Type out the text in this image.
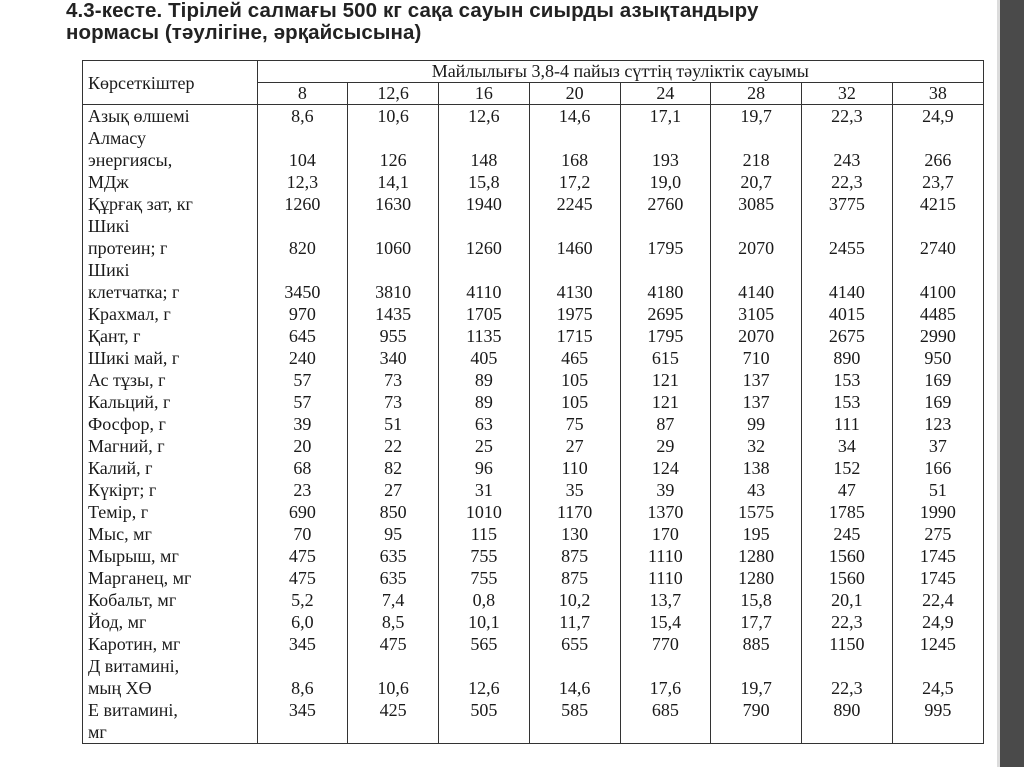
4.3-кесте. Тірілей салмағы 500 кг сақа сауын сиырды азықтандыру
нормасы (тәулігіне, әрқайсысына)
Көрсеткіштер	Майлылығы 3,8-4 пайыз сүттің тәуліктік сауымы							
	8	12,6	16	20	24	28	32	38

Азық өлшемі	8,6	10,6	12,6	14,6	17,1	19,7	22,3	24,9

Алмасу
энергиясы,	104	126	148	168	193	218	243	266

МДж	12,3	14,1	15,8	17,2	19,0	20,7	22,3	23,7

Құрғақ зат, кг	1260	1630	1940	2245	2760	3085	3775	4215

Шикі
протеин; г	820	1060	1260	1460	1795	2070	2455	2740

Шикі
клетчатка; г	3450	3810	4110	4130	4180	4140	4140	4100

Крахмал, г	970	1435	1705	1975	2695	3105	4015	4485

Қант, г	645	955	1135	1715	1795	2070	2675	2990

Шикі май, г	240	340	405	465	615	710	890	950

Ас тұзы, г	57	73	89	105	121	137	153	169

Кальций, г	57	73	89	105	121	137	153	169

Фосфор, г	39	51	63	75	87	99	111	123

Магний, г	20	22	25	27	29	32	34	37

Калий, г	68	82	96	110	124	138	152	166

Күкірт; г	23	27	31	35	39	43	47	51

Темір, г	690	850	1010	1170	1370	1575	1785	1990

Мыс, мг	70	95	115	130	170	195	245	275

Мырыш, мг	475	635	755	875	1110	1280	1560	1745

Марганец, мг	475	635	755	875	1110	1280	1560	1745

Кобальт, мг	5,2	7,4	0,8	10,2	13,7	15,8	20,1	22,4

Йод, мг	6,0	8,5	10,1	11,7	15,4	17,7	22,3	24,9

Каротин, мг	345	475	565	655	770	885	1150	1245

Д витамині,
мың ХӨ	8,6	10,6	12,6	14,6	17,6	19,7	22,3	24,5

Е витамині,
мг	345	425	505	585	685	790	890	995
